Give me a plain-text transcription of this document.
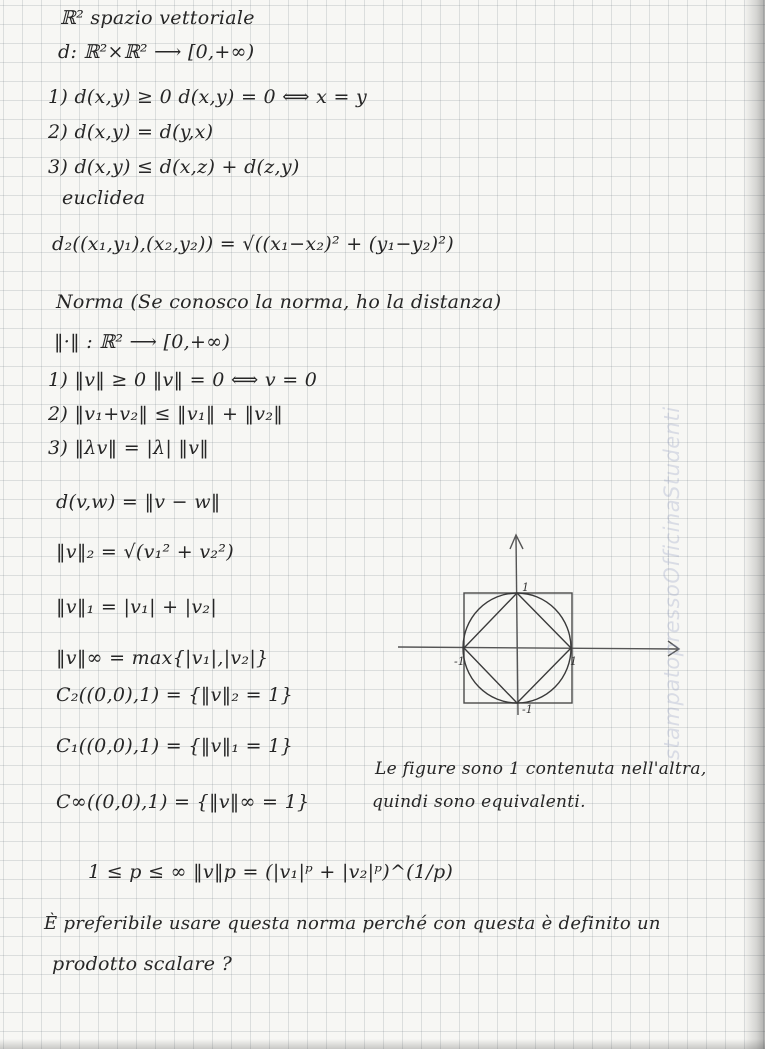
ℝ² spazio vettoriale
d: ℝ²×ℝ² ⟶ [0,+∞)
1) d(x,y) ≥ 0 d(x,y) = 0 ⟺ x = y
2) d(x,y) = d(y,x)
3) d(x,y) ≤ d(x,z) + d(z,y)
euclidea
d₂((x₁,y₁),(x₂,y₂)) = √((x₁−x₂)² + (y₁−y₂)²)
Norma (Se conosco la norma, ho la distanza)
‖·‖ : ℝ² ⟶ [0,+∞)
1) ‖v‖ ≥ 0 ‖v‖ = 0 ⟺ v = 0
2) ‖v₁+v₂‖ ≤ ‖v₁‖ + ‖v₂‖
3) ‖λv‖ = |λ| ‖v‖
d(v,w) = ‖v − w‖
‖v‖₂ = √(v₁² + v₂²)
‖v‖₁ = |v₁| + |v₂|
‖v‖∞ = max{|v₁|,|v₂|}
C₂((0,0),1) = {‖v‖₂ = 1}
C₁((0,0),1) = {‖v‖₁ = 1}
C∞((0,0),1) = {‖v‖∞ = 1}
1 ≤ p ≤ ∞ ‖v‖p = (|v₁|ᵖ + |v₂|ᵖ)^(1/p)
È preferibile usare questa norma perché con questa è definito un
prodotto scalare ?
Le figure sono 1 contenuta nell'altra,
quindi sono equivalenti.
1
-1	1
-1	stampatopressoOfficinaStudenti
